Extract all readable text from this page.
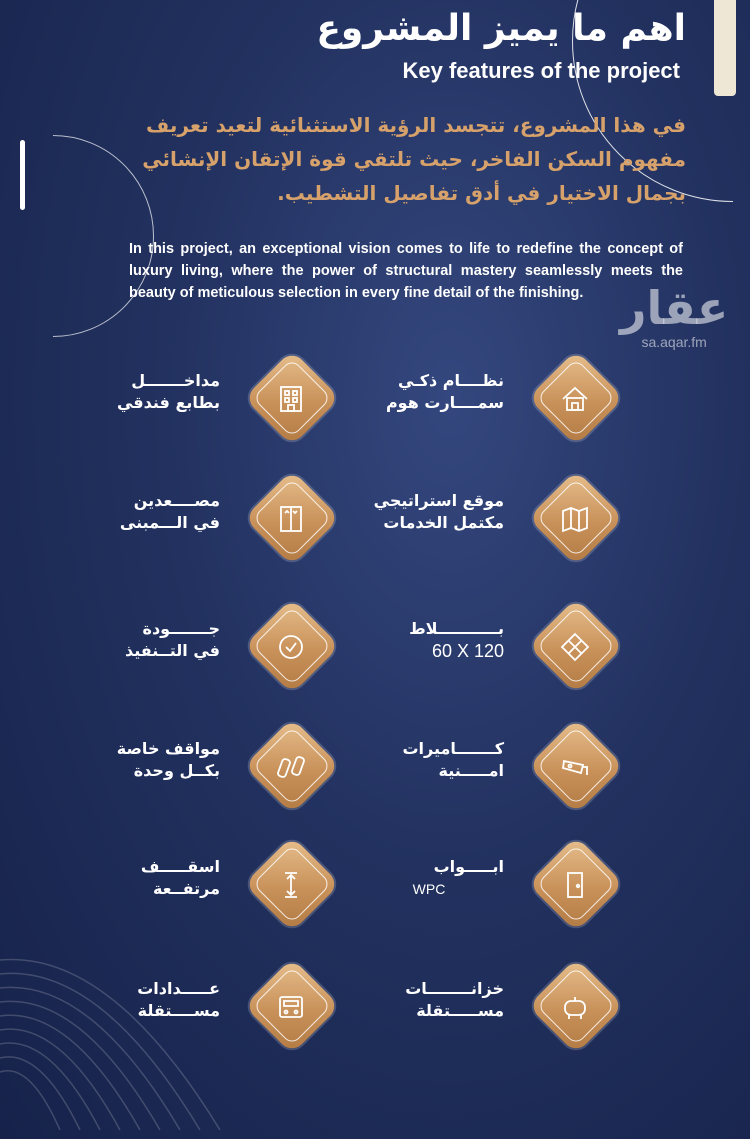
اهم ما يميز المشروع
Key features of the project
في هذا المشروع، تتجسد الرؤية الاستثنائية لتعيد تعريف مفهوم السكن الفاخر، حيث تلتقي قوة الإتقان الإنشائي بجمال الاختيار في أدق تفاصيل التشطيب.
In this project, an exceptional vision comes to life to redefine the concept of luxury living, where the power of structural mastery seamlessly meets the beauty of meticulous selection in every fine detail of the finishing. عقار
sa.aqar.fm
نظــــام ذكـي
سمــــارت هوم
مداخـــــــل
بطابع فندقي
موقع استراتيجي
مكتمل الخدمات
مصــــعدين
في الـــمبنى
بـــــــــــلاط
60 X 120
جـــــــودة
في التــنفيذ
كـــــــاميرات
امـــــنية
مواقف خاصة
بكــل وحدة
ابـــــواب
WPC
اسقـــــف
مرتفــعة
خزانــــــــات
مســـــتقلة
عـــــدادات
مســــتقلة
